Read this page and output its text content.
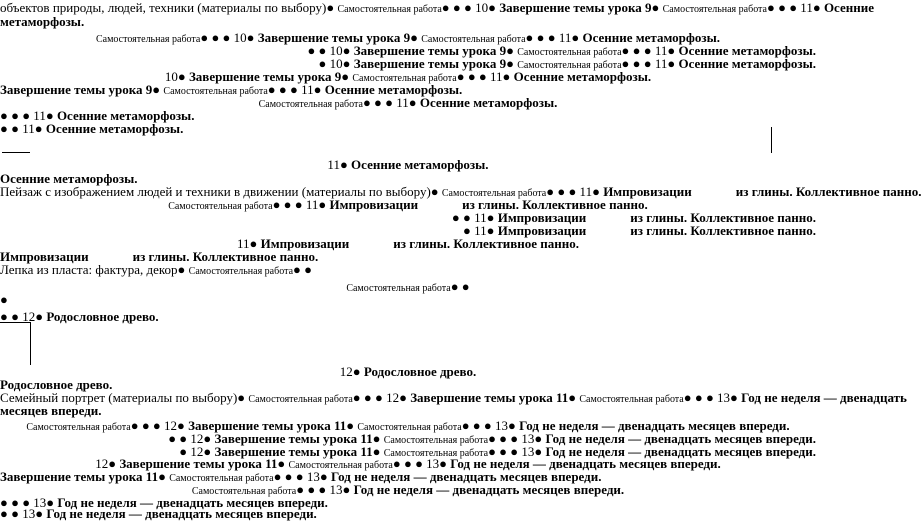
объектов природы, людей, техники (материалы по выбору)● Самостоятельная работа● ● ● 10● Завершение темы урока 9● Самостоятельная работа● ● ● 11● Осенние
метаморфозы.
Самостоятельная работа● ● ● 10● Завершение темы урока 9● Самостоятельная работа● ● ● 11● Осенние метаморфозы.
● ● 10● Завершение темы урока 9● Самостоятельная работа● ● ● 11● Осенние метаморфозы.
● 10● Завершение темы урока 9● Самостоятельная работа● ● ● 11● Осенние метаморфозы.
10● Завершение темы урока 9● Самостоятельная работа● ● ● 11● Осенние метаморфозы.
Завершение темы урока 9● Самостоятельная работа● ● ● 11● Осенние метаморфозы.
Самостоятельная работа● ● ● 11● Осенние метаморфозы.
● ● ● 11● Осенние метаморфозы.
● ● 11● Осенние метаморфозы.
11● Осенние метаморфозы.
Осенние метаморфозы.
Пейзаж с изображением людей и техники в движении (материалы по выбору)● Самостоятельная работа● ● ● 11● Импровизации	из глины. Коллективное панно.
Самостоятельная работа● ● ● 11● Импровизации	из глины. Коллективное панно.
● ● 11● Импровизации	из глины. Коллективное панно.
● 11● Импровизации	из глины. Коллективное панно.
11● Импровизации	из глины. Коллективное панно.
Импровизации	из глины. Коллективное панно.
Лепка из пласта: фактура, декор● Самостоятельная работа● ●
Самостоятельная работа● ●
●
● ● 12● Родословное древо.
12● Родословное древо.
Родословное древо.
Семейный портрет (материалы по выбору)● Самостоятельная работа● ● ● 12● Завершение темы урока 11● Самостоятельная работа● ● ● 13● Год не неделя — двенадцать
месяцев впереди.
Самостоятельная работа● ● ● 12● Завершение темы урока 11● Самостоятельная работа● ● ● 13● Год не неделя — двенадцать месяцев впереди.
● ● 12● Завершение темы урока 11● Самостоятельная работа● ● ● 13● Год не неделя — двенадцать месяцев впереди.
● 12● Завершение темы урока 11● Самостоятельная работа● ● ● 13● Год не неделя — двенадцать месяцев впереди.
12● Завершение темы урока 11● Самостоятельная работа● ● ● 13● Год не неделя — двенадцать месяцев впереди.
Завершение темы урока 11● Самостоятельная работа● ● ● 13● Год не неделя — двенадцать месяцев впереди.
Самостоятельная работа● ● ● 13● Год не неделя — двенадцать месяцев впереди.
● ● ● 13● Год не неделя — двенадцать месяцев впереди.
● ● 13● Год не неделя — двенадцать месяцев впереди.
